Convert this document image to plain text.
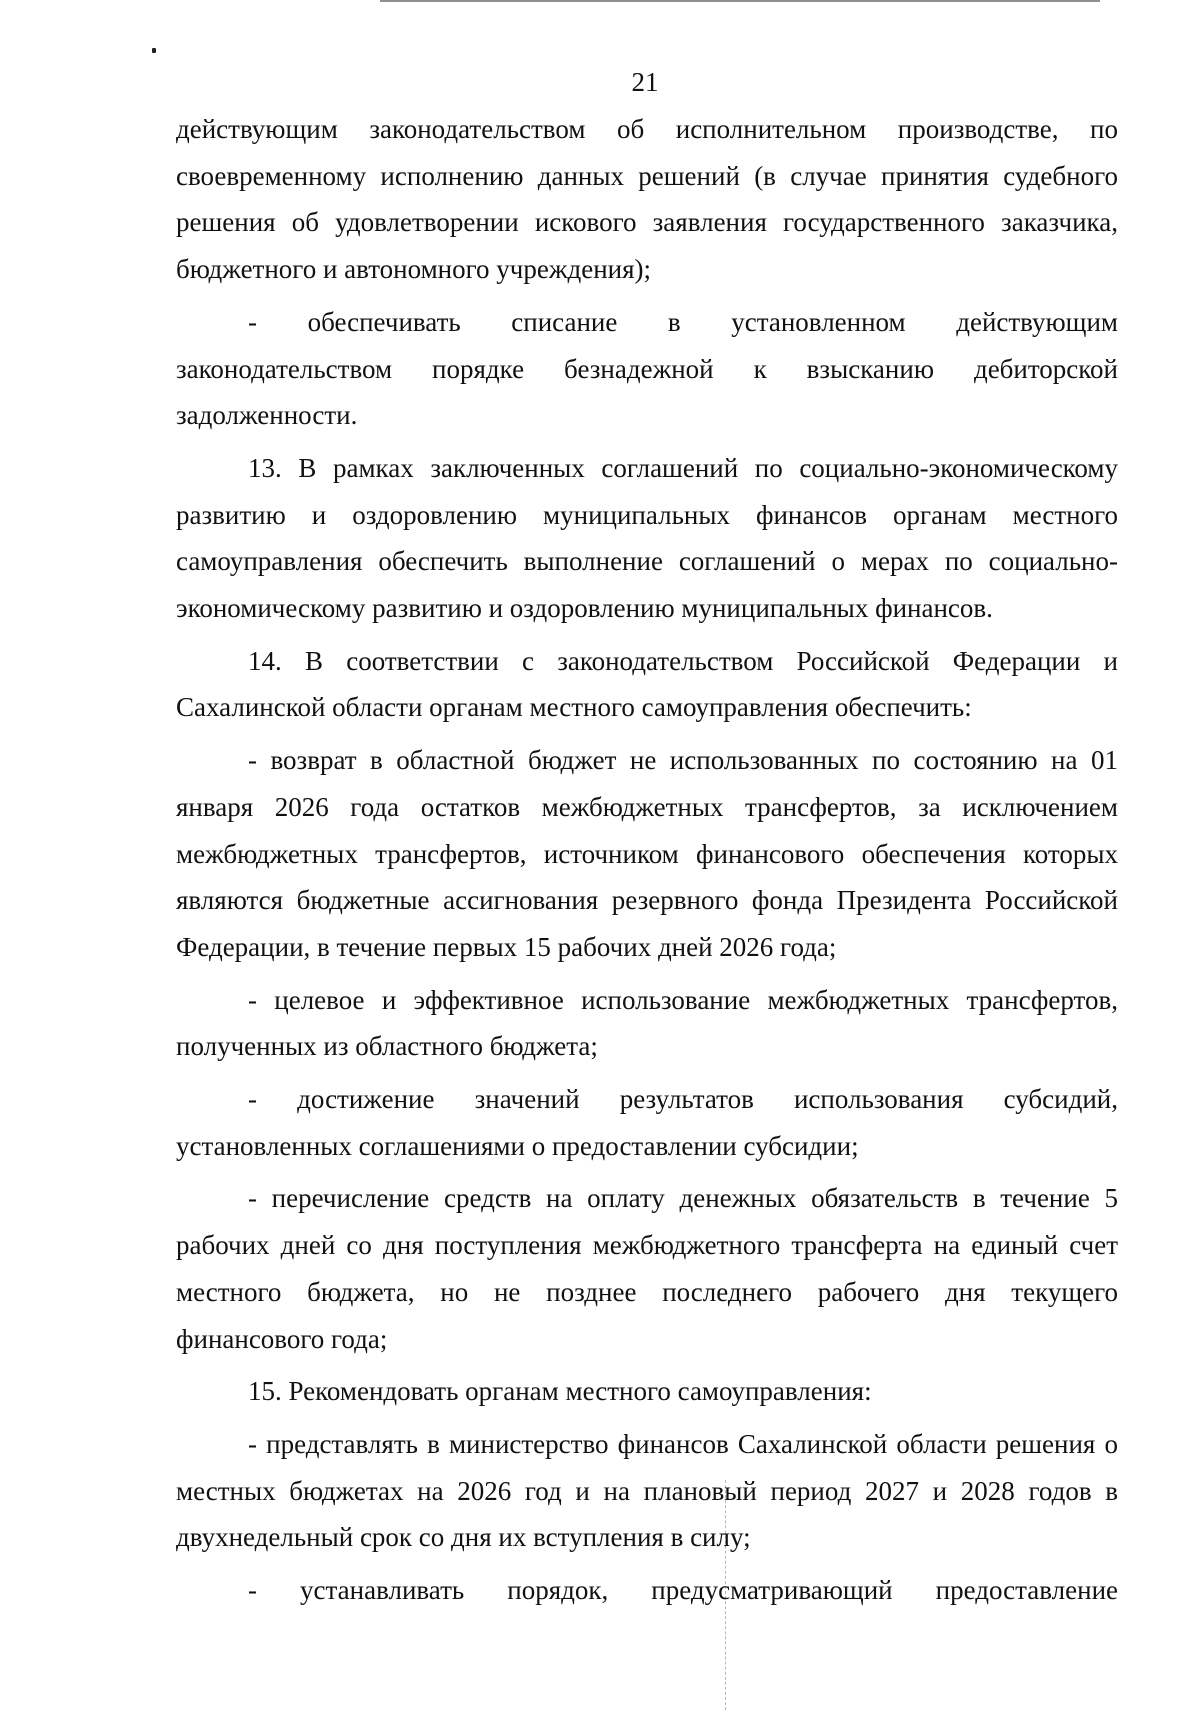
21

действующим законодательством об исполнительном производстве, по своевременному исполнению данных решений (в случае принятия судебного решения об удовлетворении искового заявления государственного заказчика, бюджетного и автономного учреждения);

- обеспечивать списание в установленном действующим законодательством порядке безнадежной к взысканию дебиторской задолженности.

13. В рамках заключенных соглашений по социально-экономическому развитию и оздоровлению муниципальных финансов органам местного самоуправления обеспечить выполнение соглашений о мерах по социально-экономическому развитию и оздоровлению муниципальных финансов.

14. В соответствии с законодательством Российской Федерации и Сахалинской области органам местного самоуправления обеспечить:

- возврат в областной бюджет не использованных по состоянию на 01 января 2026 года остатков межбюджетных трансфертов, за исключением межбюджетных трансфертов, источником финансового обеспечения которых являются бюджетные ассигнования резервного фонда Президента Российской Федерации, в течение первых 15 рабочих дней 2026 года;

- целевое и эффективное использование межбюджетных трансфертов, полученных из областного бюджета;

- достижение значений результатов использования субсидий, установленных соглашениями о предоставлении субсидии;

- перечисление средств на оплату денежных обязательств в течение 5 рабочих дней со дня поступления межбюджетного трансферта на единый счет местного бюджета, но не позднее последнего рабочего дня текущего финансового года;

15. Рекомендовать органам местного самоуправления:

- представлять в министерство финансов Сахалинской области решения о местных бюджетах на 2026 год и на плановый период 2027 и 2028 годов в двухнедельный срок со дня их вступления в силу;

- устанавливать порядок, предусматривающий предоставление
